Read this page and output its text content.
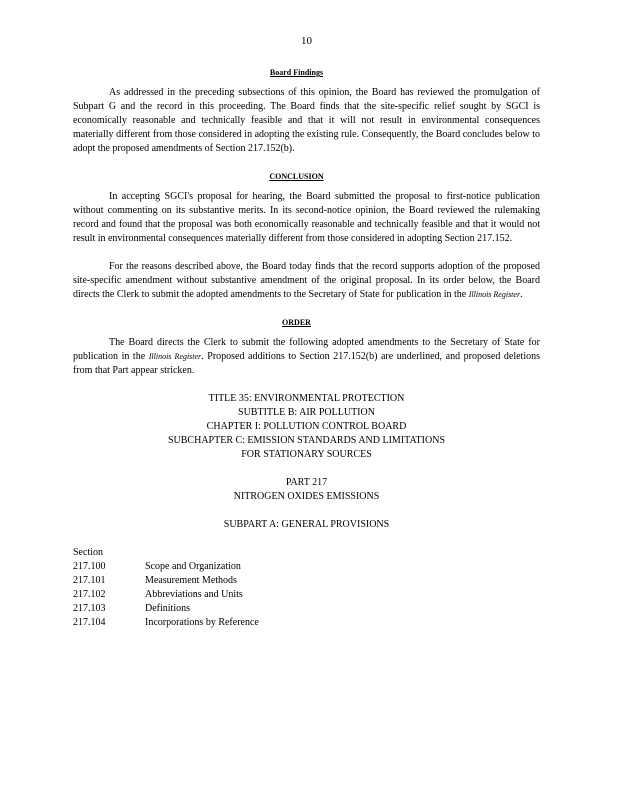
10
Board Findings

As addressed in the preceding subsections of this opinion, the Board has reviewed the promulgation of Subpart G and the record in this proceeding. The Board finds that the site-specific relief sought by SGCI is economically reasonable and technically feasible and that it will not result in environmental consequences materially different from those considered in adopting the existing rule. Consequently, the Board concludes below to adopt the proposed amendments of Section 217.152(b).

CONCLUSION

In accepting SGCI's proposal for hearing, the Board submitted the proposal to first-notice publication without commenting on its substantive merits. In its second-notice opinion, the Board reviewed the rulemaking record and found that the proposal was both economically reasonable and technically feasible and that it would not result in environmental consequences materially different from those considered in adopting Section 217.152.

For the reasons described above, the Board today finds that the record supports adoption of the proposed site-specific amendment without substantive amendment of the original proposal. In its order below, the Board directs the Clerk to submit the adopted amendments to the Secretary of State for publication in the Illinois Register.

ORDER

The Board directs the Clerk to submit the following adopted amendments to the Secretary of State for publication in the Illinois Register. Proposed additions to Section 217.152(b) are underlined, and proposed deletions from that Part appear stricken.

TITLE 35: ENVIRONMENTAL PROTECTION
SUBTITLE B: AIR POLLUTION
CHAPTER I: POLLUTION CONTROL BOARD
SUBCHAPTER C: EMISSION STANDARDS AND LIMITATIONS
FOR STATIONARY SOURCES
PART 217
NITROGEN OXIDES EMISSIONS
SUBPART A: GENERAL PROVISIONS
Section
217.100	Scope and Organization
217.101	Measurement Methods
217.102	Abbreviations and Units
217.103	Definitions
217.104	Incorporations by Reference
